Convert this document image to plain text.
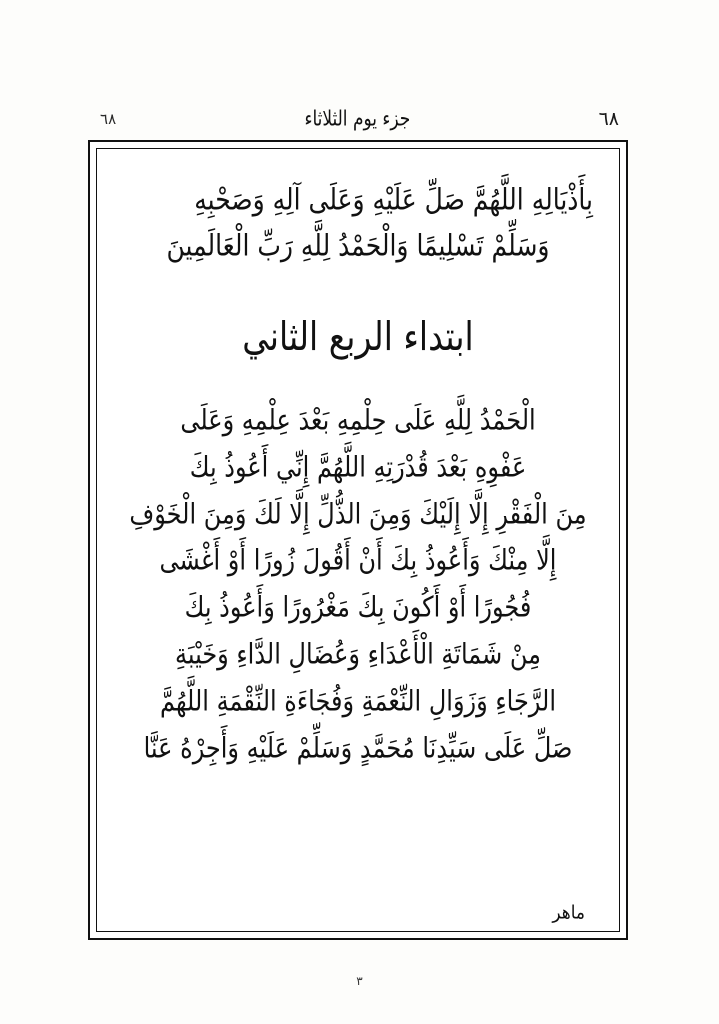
٦٨
جزء يوم الثلاثاء
٦٨
بِأَذْيَالِهِ اللَّهُمَّ صَلِّ عَلَيْهِ وَعَلَى آلِهِ وَصَحْبِهِ
وَسَلِّمْ تَسْلِيمًا وَالْحَمْدُ لِلَّهِ رَبِّ الْعَالَمِينَ
ابتداء الربع الثاني
الْحَمْدُ لِلَّهِ عَلَى حِلْمِهِ بَعْدَ عِلْمِهِ وَعَلَى
عَفْوِهِ بَعْدَ قُدْرَتِهِ اللَّهُمَّ إِنِّي أَعُوذُ بِكَ
مِنَ الْفَقْرِ إِلَّا إِلَيْكَ وَمِنَ الذُّلِّ إِلَّا لَكَ وَمِنَ الْخَوْفِ
إِلَّا مِنْكَ وَأَعُوذُ بِكَ أَنْ أَقُولَ زُورًا أَوْ أَغْشَى
فُجُورًا أَوْ أَكُونَ بِكَ مَغْرُورًا وَأَعُوذُ بِكَ
مِنْ شَمَاتَةِ الْأَعْدَاءِ وَعُضَالِ الدَّاءِ وَخَيْبَةِ
الرَّجَاءِ وَزَوَالِ النِّعْمَةِ وَفُجَاءَةِ النِّقْمَةِ اللَّهُمَّ
صَلِّ عَلَى سَيِّدِنَا مُحَمَّدٍ وَسَلِّمْ عَلَيْهِ وَأَجِرْهُ عَنَّا
ماهر
٣
